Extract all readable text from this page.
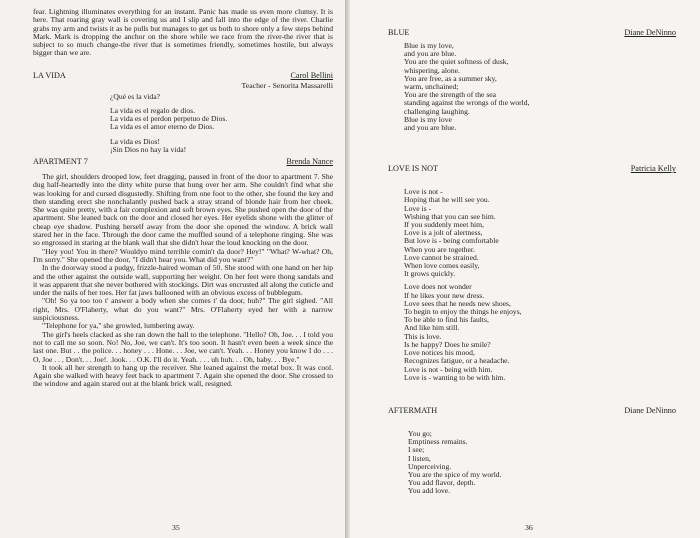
fear. Lightning illuminates everything for an instant. Panic has made us even more clumsy. It is here. That roaring gray wall is covering us and I slip and fall into the edge of the river. Charlie grabs my arm and twists it as he pulls but manages to get us both to shore only a few steps behind Mark. Mark is dropping the anchor on the shore while we race from the river-the river that is subject to so much change-the river that is sometimes friendly, sometimes hostile, but always bigger than we are.

LA VIDA	Carol Bellini
Teacher - Senorita Massarelli
¿Qué es la vida?
La vida es el regalo de dios.
La vida es el perdon perpetuo de Dios.
La vida es el amor eterno de Dios.
La vida es Dios!
¡Sin Dios no hay la vida!
APARTMENT 7	Brenda Nance

The girl, shoulders drooped low, feet dragging, paused in front of the door to apartment 7. She dug half-heartedly into the dirty white purse that hung over her arm. She couldn't find what she was looking for and cursed disgustedly. Shifting from one foot to the other, she found the key and then standing erect she nonchalantly pushed back a stray strand of blonde hair from her cheek. She was quite pretty, with a fair complexion and soft brown eyes. She pushed open the door of the apartment. She leaned back on the door and closed her eyes. Her eyelids shone with the glitter of cheap eye shadow. Pushing herself away from the door she opened the window. A brick wall stared her in the face. Through the door came the muffled sound of a telephone ringing. She was so engrossed in staring at the blank wall that she didn't hear the loud knocking on the door.

"Hey you! You in there? Wouldyo mind terrible comin't da door? Hey!" "What? W-what? Oh, I'm sorry." She opened the door, "I didn't hear you. What did you want?"

In the doorway stood a pudgy, frizzle-haired woman of 50. She stood with one hand on her hip and the other against the outside wall, supporting her weight. On her feet were thong sandals and it was apparent that she never bothered with stockings. Dirt was encrusted all along the cuticle and under the nails of her toes. Her fat jaws ballooned with an obvious excess of bubblegum.

"Oh! So ya too too t' answer a body when she comes t' da door, huh?" The girl sighed. "All right, Mrs. O'Flaherty, what do you want?" Mrs. O'Flaherty eyed her with a narrow suspiciousness.

"Telephone for ya," she growled, lumbering away.

The girl's heels clacked as she ran down the hall to the telephone. "Hello? Oh, Joe. . . I told you not to call me so soon. No! No, Joe, we can't. It's too soon. It hasn't even been a week since the last one. But . . the police. . . honey . . . Hone. . . Joe, we can't. Yeah. . . Honey you know I do . . . O, Joe . . . Don't. . . Joe!. .look. . . O.K. I'll do it. Yeah. . . . uh huh. . . Oh, baby. . . Bye."

It took all her strength to hang up the receiver. She leaned against the metal box. It was cool. Again she walked with heavy feet back to apartment 7. Again she opened the door. She crossed to the window and again stared out at the blank brick wall, resigned.

35
BLUE	Diane DeNinno
Blue is my love,
and you are blue.
You are the quiet softness of dusk,
whispering, alone.
You are free, as a summer sky,
warm, unchained;
You are the strength of the sea
standing against the wrongs of the world,
challenging laughing.
Blue is my love
and you are blue.
LOVE IS NOT	Patricia Kelly
Love is not -
Hoping that he will see you.
Love is -
Wishing that you can see him.
If you suddenly meet him,
Love is a jolt of alertness,
But love is - being comfortable
When you are together.
Love cannot be strained.
When love comes easily,
It grows quickly.
Love does not wonder
If he likes your new dress.
Love sees that he needs new shoes,
To begin to enjoy the things he enjoys,
To be able to find his faults,
And like him still.
This is love.
Is he happy? Does he smile?
Love notices his mood,
Recognizes fatigue, or a headache.
Love is not - being with him.
Love is - wanting to be with him.
AFTERMATH	Diane DeNinno
You go;
Emptiness remains.
I see;
I listen,
Unperceiving.
You are the spice of my world.
You add flavor, depth.
You add love.
36
